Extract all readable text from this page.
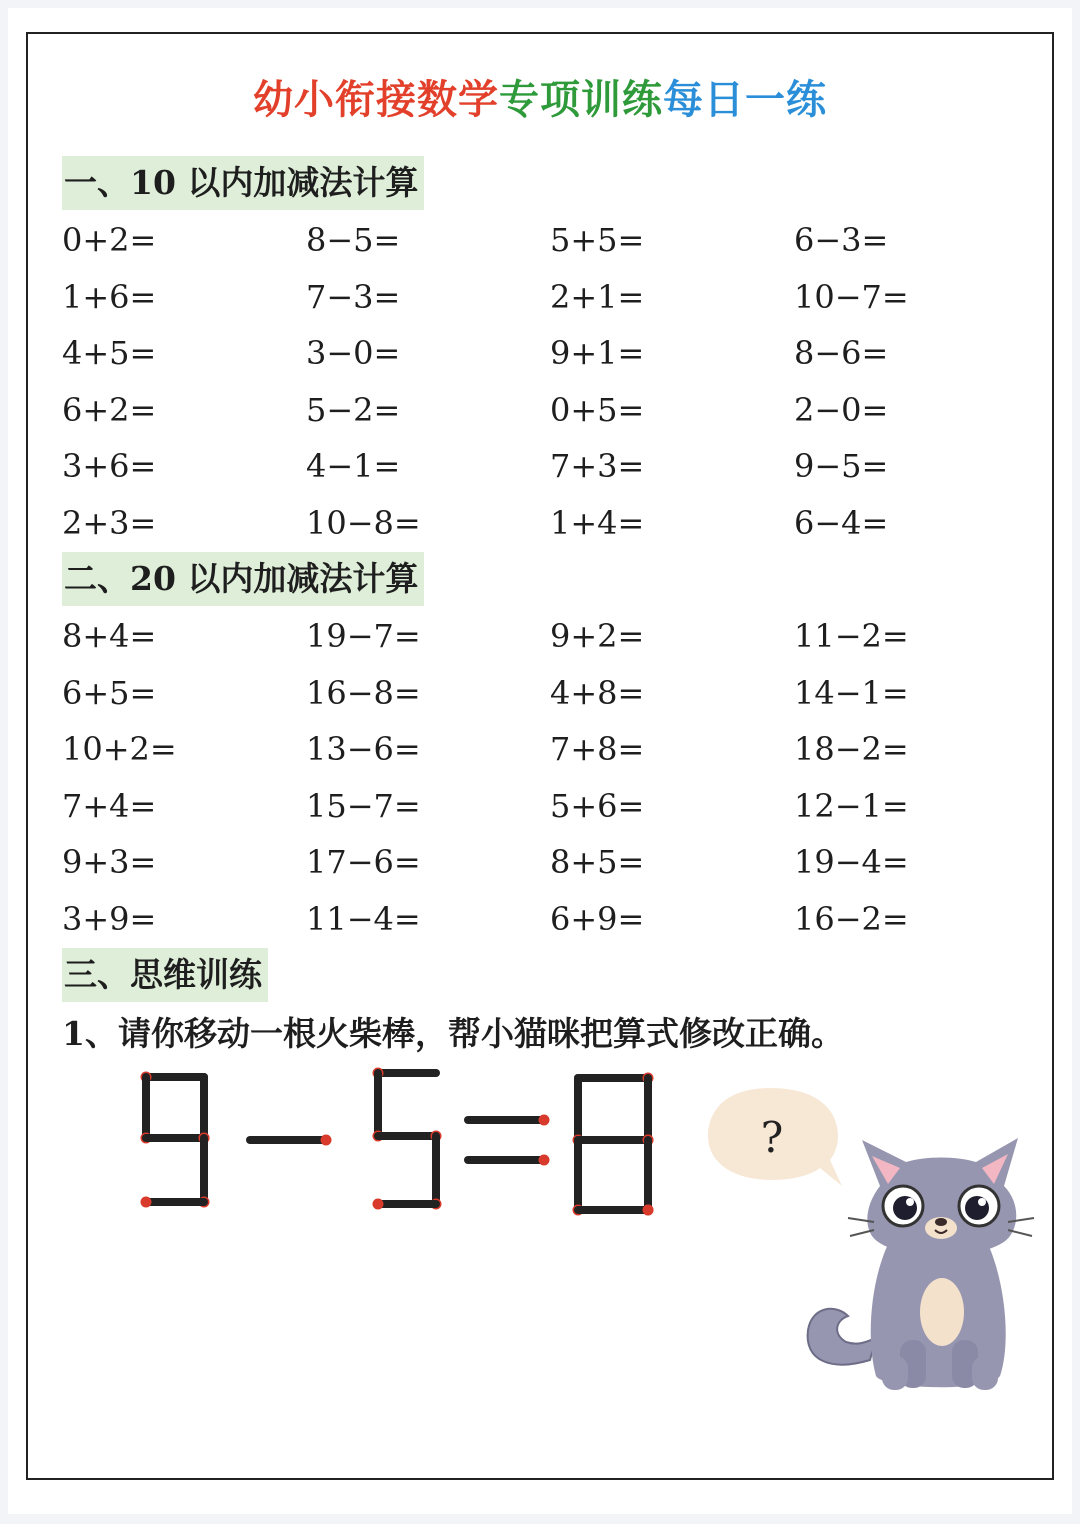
幼小衔接数学专项训练每日一练
一、10 以内加减法计算
0+2=	8−5=	5+5=	6−3=
1+6=	7−3=	2+1=	10−7=
4+5=	3−0=	9+1=	8−6=
6+2=	5−2=	0+5=	2−0=
3+6=	4−1=	7+3=	9−5=
2+3=	10−8=	1+4=	6−4=
二、20 以内加减法计算
8+4=	19−7=	9+2=	11−2=
6+5=	16−8=	4+8=	14−1=
10+2=	13−6=	7+8=	18−2=
7+4=	15−7=	5+6=	12−1=
9+3=	17−6=	8+5=	19−4=
3+9=	11−4=	6+9=	16−2=
三、思维训练
1、请你移动一根火柴棒，帮小猫咪把算式修改正确。
?
